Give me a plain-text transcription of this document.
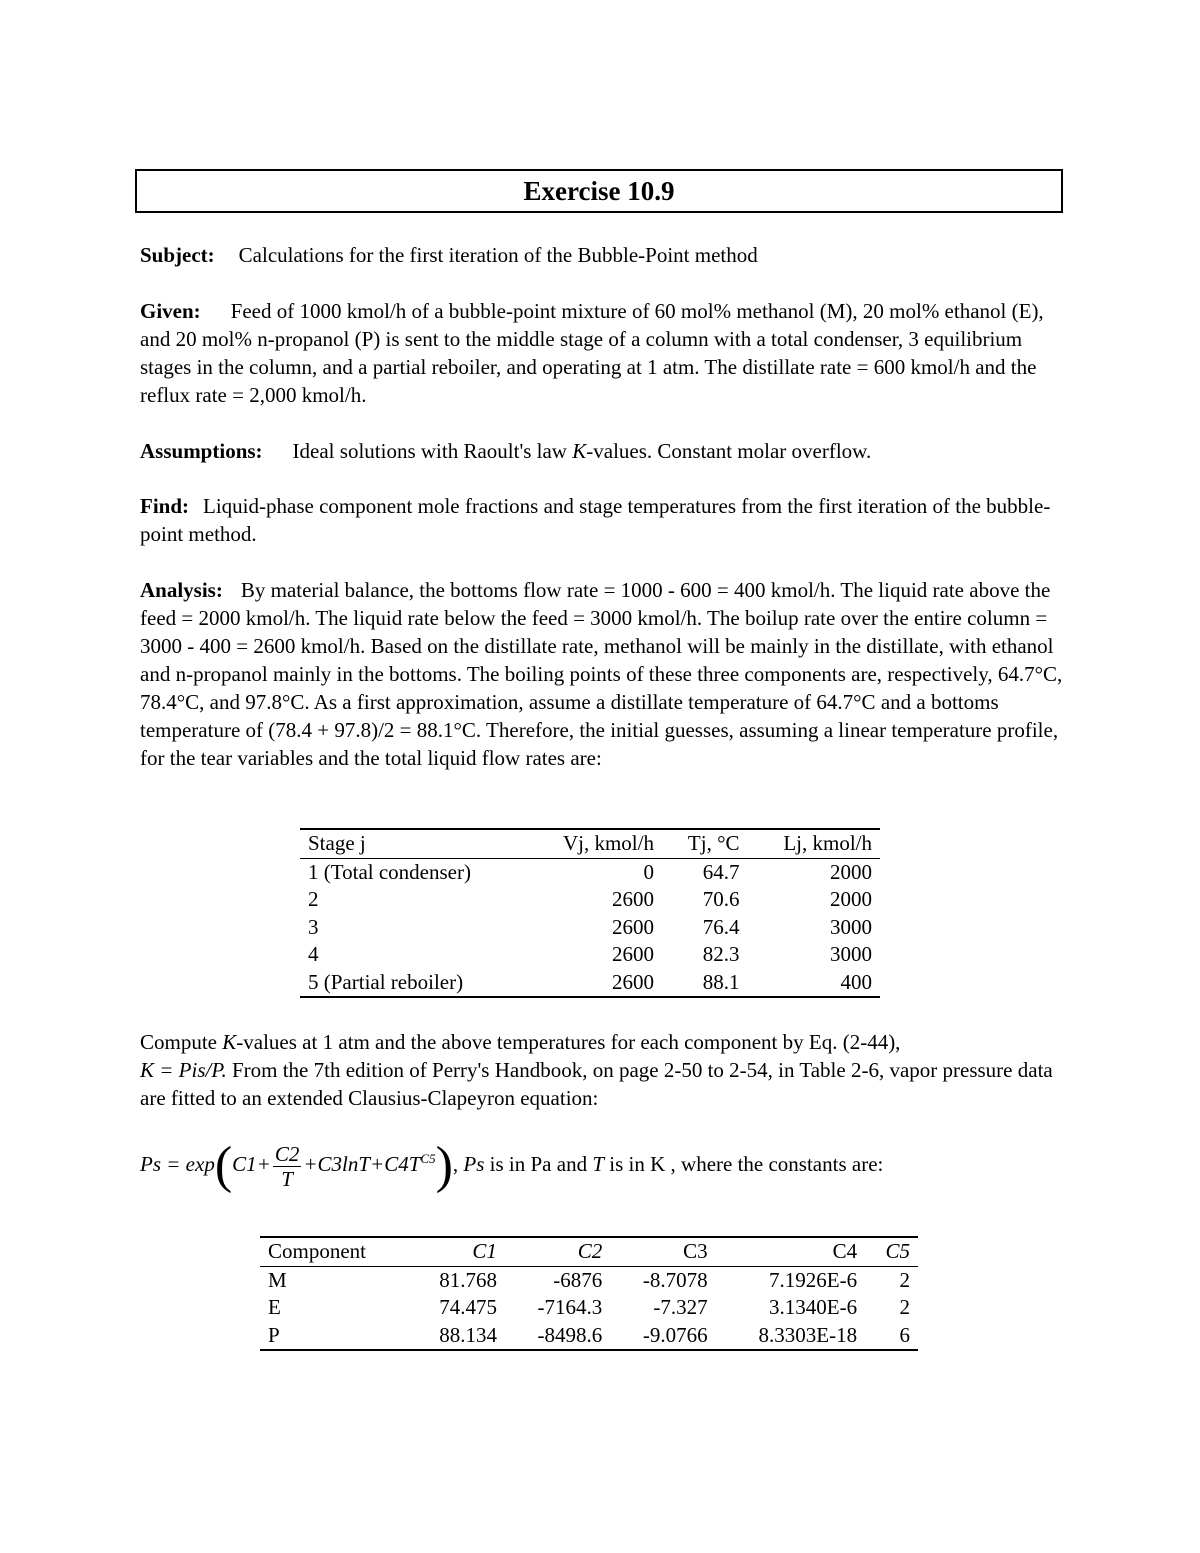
Exercise 10.9

Subject: Calculations for the first iteration of the Bubble-Point method

Given: Feed of 1000 kmol/h of a bubble-point mixture of 60 mol% methanol (M), 20 mol% ethanol (E), and 20 mol% n-propanol (P) is sent to the middle stage of a column with a total condenser, 3 equilibrium stages in the column, and a partial reboiler, and operating at 1 atm. The distillate rate = 600 kmol/h and the reflux rate = 2,000 kmol/h.

Assumptions: Ideal solutions with Raoult's law K-values. Constant molar overflow.

Find: Liquid-phase component mole fractions and stage temperatures from the first iteration of the bubble-point method.

Analysis: By material balance, the bottoms flow rate = 1000 - 600 = 400 kmol/h. The liquid rate above the feed = 2000 kmol/h. The liquid rate below the feed = 3000 kmol/h. The boilup rate over the entire column = 3000 - 400 = 2600 kmol/h. Based on the distillate rate, methanol will be mainly in the distillate, with ethanol and n-propanol mainly in the bottoms. The boiling points of these three components are, respectively, 64.7°C, 78.4°C, and 97.8°C. As a first approximation, assume a distillate temperature of 64.7°C and a bottoms temperature of (78.4 + 97.8)/2 = 88.1°C. Therefore, the initial guesses, assuming a linear temperature profile, for the tear variables and the total liquid flow rates are:

Stage j	Vj, kmol/h	Tj, °C	Lj, kmol/h
1 (Total condenser)	0	64.7	2000
2	2600	70.6	2000
3	2600	76.4	3000
4	2600	82.3	3000
5 (Partial reboiler)	2600	88.1	400

Compute K-values at 1 atm and the above temperatures for each component by Eq. (2-44),
K = Pis/P. From the 7th edition of Perry's Handbook, on page 2-50 to 2-54, in Table 2-6, vapor pressure data are fitted to an extended Clausius-Clapeyron equation:

$Ps = \exp(C1+ \frac{C2}{T} +C3\ln T+C4T^{C5})$, Ps is in Pa and T is in K , where the constants are:
Component	C1	C2	C3	C4	C5
M	81.768	-6876	-8.7078	7.1926E-6	2
E	74.475	-7164.3	-7.327	3.1340E-6	2
P	88.134	-8498.6	-9.0766	8.3303E-18	6
